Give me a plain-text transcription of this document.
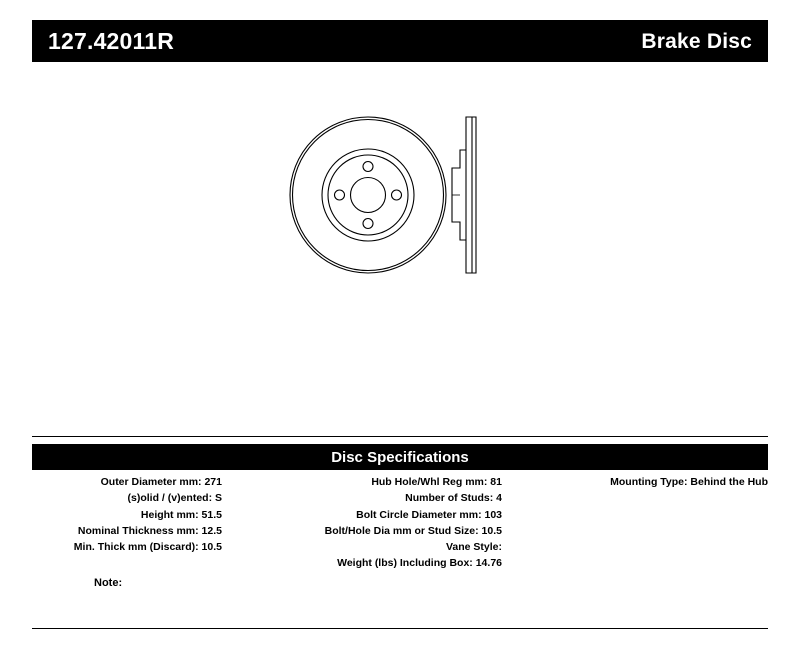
127.42011R	Brake Disc
Disc Specifications
Outer Diameter mm: 271
(s)olid / (v)ented: S
Height mm: 51.5
Nominal Thickness mm: 12.5
Min. Thick mm (Discard): 10.5
Hub Hole/Whl Reg mm: 81
Number of Studs: 4
Bolt Circle Diameter mm: 103
Bolt/Hole Dia mm or Stud Size: 10.5
Vane Style:
Weight (lbs) Including Box: 14.76
Mounting Type: Behind the Hub
Note:
